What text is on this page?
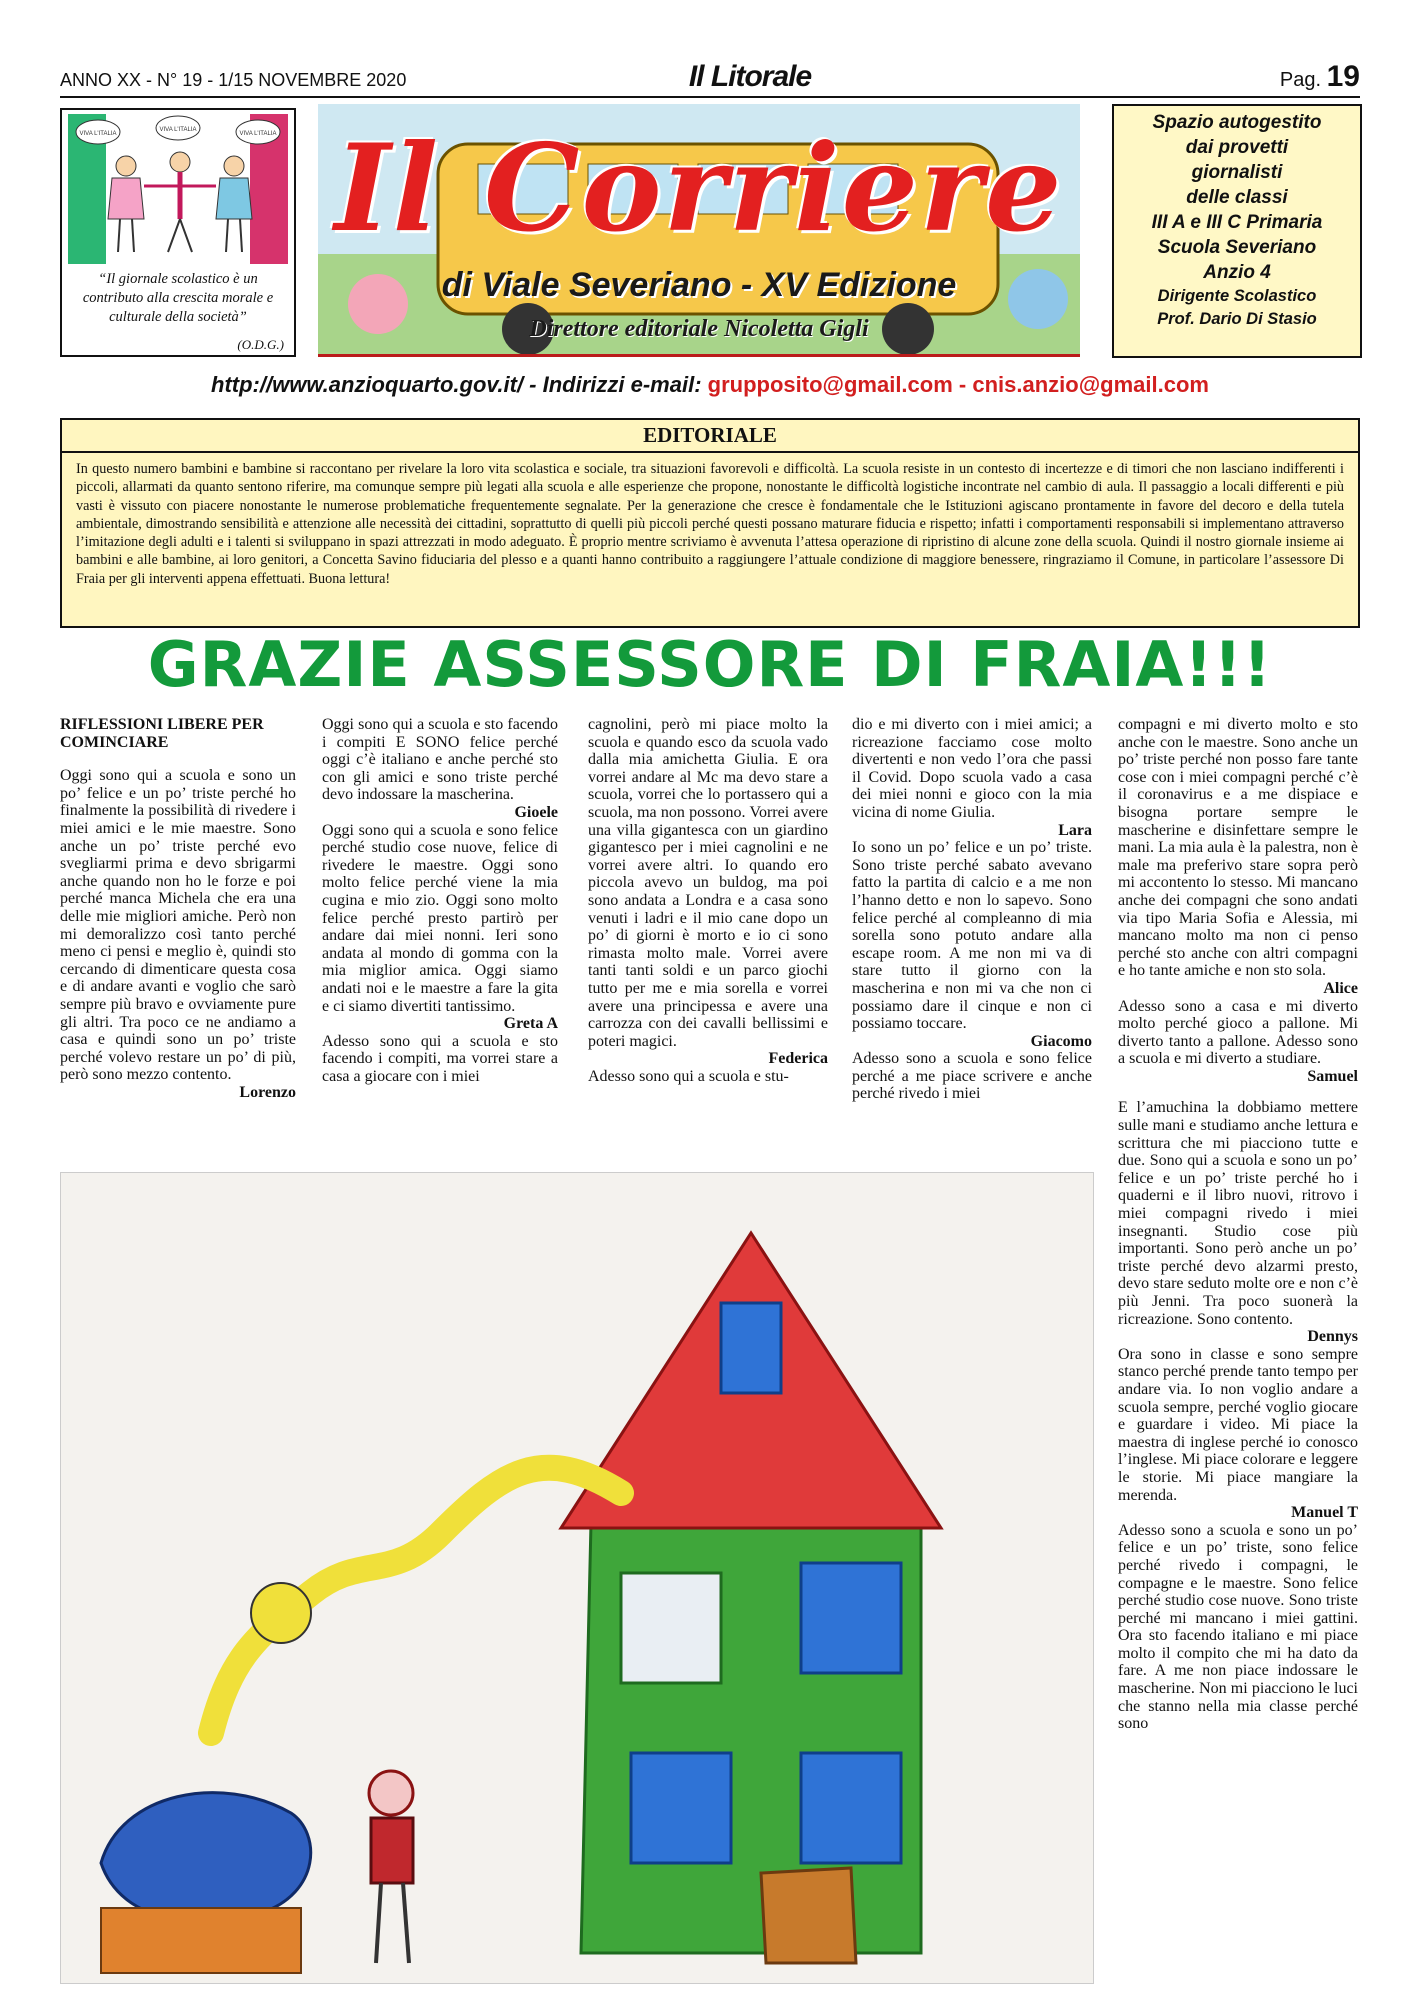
ANNO XX - N° 19 - 1/15 NOVEMBRE 2020	Il Litorale	Pag. 19
VIVA L'ITALIA
VIVA L'ITALIA
VIVA L'ITALIA
“Il giornale scolastico è un contributo alla crescita morale e culturale della società”
(O.D.G.)
Il Corriere
di Viale Severiano - XV Edizione
Direttore editoriale Nicoletta Gigli
Spazio autogestito
dai provetti
giornalisti
delle classi
III A e III C Primaria
Scuola Severiano
Anzio 4
Dirigente Scolastico
Prof. Dario Di Stasio
http://www.anzioquarto.gov.it/ - Indirizzi e-mail: grupposito@gmail.com - cnis.anzio@gmail.com
EDITORIALE
In questo numero bambini e bambine si raccontano per rivelare la loro vita scolastica e sociale, tra situazioni favorevoli e difficoltà. La scuola resiste in un contesto di incertezze e di timori che non lasciano indifferenti i piccoli, allarmati da quanto sentono riferire, ma comunque sempre più legati alla scuola e alle esperienze che propone, nonostante le difficoltà logistiche incontrate nel cambio di aula. Il passaggio a locali differenti e più vasti è vissuto con piacere nonostante le numerose problematiche frequentemente segnalate. Per la generazione che cresce è fondamentale che le Istituzioni agiscano prontamente in favore del decoro e della tutela ambientale, dimostrando sensibilità e attenzione alle necessità dei cittadini, soprattutto di quelli più piccoli perché questi possano maturare fiducia e rispetto; infatti i comportamenti responsabili si implementano attraverso l’imitazione degli adulti e i talenti si sviluppano in spazi attrezzati in modo adeguato. È proprio mentre scriviamo è avvenuta l’attesa operazione di ripristino di alcune zone della scuola. Quindi il nostro giornale insieme ai bambini e alle bambine, ai loro genitori, a Concetta Savino fiduciaria del plesso e a quanti hanno contribuito a raggiungere l’attuale condizione di maggiore benessere, ringraziamo il Comune, in particolare l’assessore Di Fraia per gli interventi appena effettuati. Buona lettura!
GRAZIE ASSESSORE DI FRAIA!!!

RIFLESSIONI LIBERE PER COMINCIARE

Oggi sono qui a scuola e sono un po’ felice e un po’ triste perché ho finalmente la possibilità di rivedere i miei amici e le mie maestre. Sono anche un po’ triste perché evo svegliarmi prima e devo sbrigarmi anche quando non ho le forze e poi perché manca Michela che era una delle mie migliori amiche. Però non mi demoralizzo così tanto perché meno ci pensi e meglio è, quindi sto cercando di dimenticare questa cosa e di andare avanti e voglio che sarò sempre più bravo e ovviamente pure gli altri. Tra poco ce ne andiamo a casa e quindi sono un po’ triste perché volevo restare un po’ di più, però sono mezzo contento.

Lorenzo

Oggi sono qui a scuola e sto facendo i compiti E SONO felice perché oggi c’è italiano e anche perché sto con gli amici e sono triste perché devo indossare la mascherina.

Gioele

Oggi sono qui a scuola e sono felice perché studio cose nuove, felice di rivedere le maestre. Oggi sono molto felice perché viene la mia cugina e mio zio. Oggi sono molto felice perché presto partirò per andare dai miei nonni. Ieri sono andata al mondo di gomma con la mia miglior amica. Oggi siamo andati noi e le maestre a fare la gita e ci siamo divertiti tantissimo.

Greta A

Adesso sono qui a scuola e sto facendo i compiti, ma vorrei stare a casa a giocare con i miei

cagnolini, però mi piace molto la scuola e quando esco da scuola vado dalla mia amichetta Giulia. E ora vorrei andare al Mc ma devo stare a scuola, vorrei che lo portassero qui a scuola, ma non possono. Vorrei avere una villa gigantesca con un giardino gigantesco per i miei cagnolini e ne vorrei avere altri. Io quando ero piccola avevo un buldog, ma poi sono andata a Londra e a casa sono venuti i ladri e il mio cane dopo un po’ di giorni è morto e io ci sono rimasta molto male. Vorrei avere tanti tanti soldi e un parco giochi tutto per me e mia sorella e vorrei avere una principessa e avere una carrozza con dei cavalli bellissimi e poteri magici.

Federica

Adesso sono qui a scuola e stu-

dio e mi diverto con i miei amici; a ricreazione facciamo cose molto divertenti e non vedo l’ora che passi il Covid. Dopo scuola vado a casa dei miei nonni e gioco con la mia vicina di nome Giulia.

Lara

Io sono un po’ felice e un po’ triste. Sono triste perché sabato avevano fatto la partita di calcio e a me non l’hanno detto e non lo sapevo. Sono felice perché al compleanno di mia sorella sono potuto andare alla escape room. A me non mi va di stare tutto il giorno con la mascherina e non mi va che non ci possiamo dare il cinque e non ci possiamo toccare.

Giacomo

Adesso sono a scuola e sono felice perché a me piace scrivere e anche perché rivedo i miei

compagni e mi diverto molto e sto anche con le maestre. Sono anche un po’ triste perché non posso fare tante cose con i miei compagni perché c’è il coronavirus e a me dispiace e bisogna portare sempre le mascherine e disinfettare sempre le mani. La mia aula è la palestra, non è male ma preferivo stare sopra però mi accontento lo stesso. Mi mancano anche dei compagni che sono andati via tipo Maria Sofia e Alessia, mi mancano molto ma non ci penso perché sto anche con altri compagni e ho tante amiche e non sto sola.

Alice

Adesso sono a casa e mi diverto molto perché gioco a pallone. Mi diverto tanto a pallone. Adesso sono a scuola e mi diverto a studiare.

Samuel

E l’amuchina la dobbiamo mettere sulle mani e studiamo anche lettura e scrittura che mi piacciono tutte e due. Sono qui a scuola e sono un po’ felice e un po’ triste perché ho i quaderni e il libro nuovi, ritrovo i miei compagni rivedo i miei insegnanti. Studio cose più importanti. Sono però anche un po’ triste perché devo alzarmi presto, devo stare seduto molte ore e non c’è più Jenni. Tra poco suonerà la ricreazione. Sono contento.

Dennys

Ora sono in classe e sono sempre stanco perché prende tanto tempo per andare via. Io non voglio andare a scuola sempre, perché voglio giocare e guardare i video. Mi piace la maestra di inglese perché io conosco l’inglese. Mi piace colorare e leggere le storie. Mi piace mangiare la merenda.

Manuel T

Adesso sono a scuola e sono un po’ felice e un po’ triste, sono felice perché rivedo i compagni, le compagne e le maestre. Sono felice perché studio cose nuove. Sono triste perché mi mancano i miei gattini. Ora sto facendo italiano e mi piace molto il compito che mi ha dato da fare. A me non piace indossare le mascherine. Non mi piacciono le luci che stanno nella mia classe perché sono
